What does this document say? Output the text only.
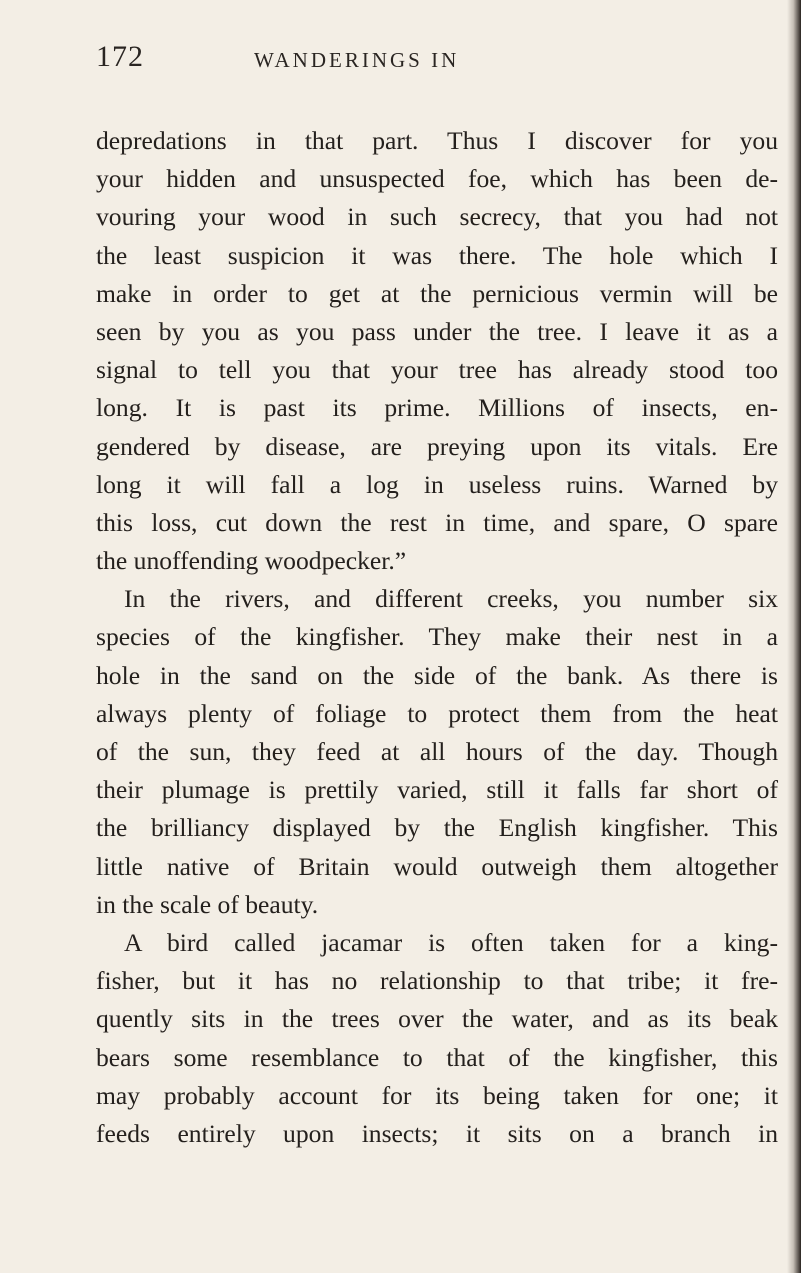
172	WANDERINGS IN
depredations in that part. Thus I discover for you
your hidden and unsuspected foe, which has been de-
vouring your wood in such secrecy, that you had not
the least suspicion it was there. The hole which I
make in order to get at the pernicious vermin will be
seen by you as you pass under the tree. I leave it as a
signal to tell you that your tree has already stood too
long. It is past its prime. Millions of insects, en-
gendered by disease, are preying upon its vitals. Ere
long it will fall a log in useless ruins. Warned by
this loss, cut down the rest in time, and spare, O spare
the unoffending woodpecker.”
In the rivers, and different creeks, you number six
species of the kingfisher. They make their nest in a
hole in the sand on the side of the bank. As there is
always plenty of foliage to protect them from the heat
of the sun, they feed at all hours of the day. Though
their plumage is prettily varied, still it falls far short of
the brilliancy displayed by the English kingfisher. This
little native of Britain would outweigh them altogether
in the scale of beauty.
A bird called jacamar is often taken for a king-
fisher, but it has no relationship to that tribe; it fre-
quently sits in the trees over the water, and as its beak
bears some resemblance to that of the kingfisher, this
may probably account for its being taken for one; it
feeds entirely upon insects; it sits on a branch in
